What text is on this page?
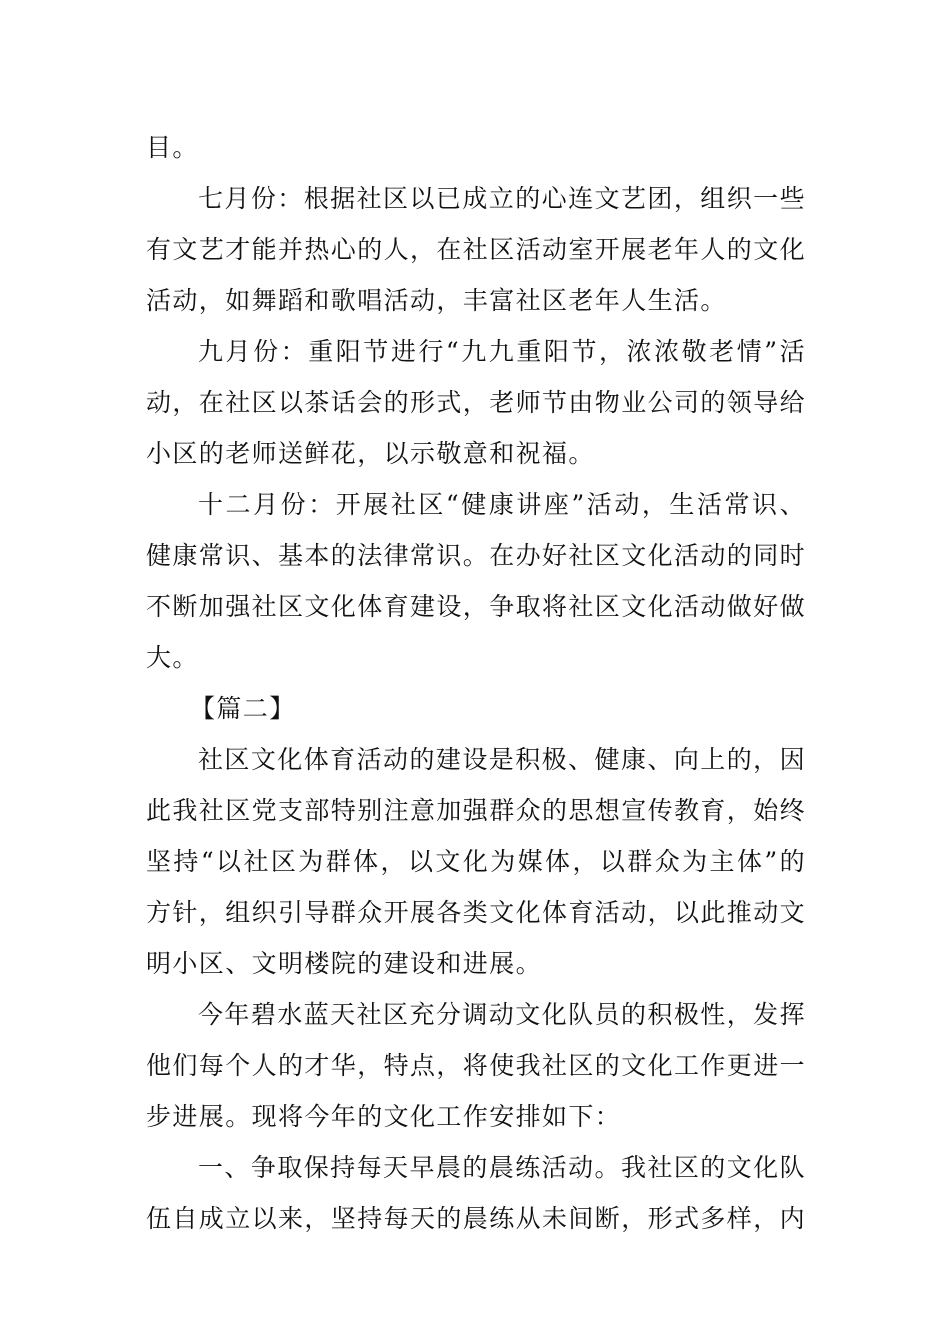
目。

七月份：根据社区以已成立的心连文艺团，组织一些有文艺才能并热心的人，在社区活动室开展老年人的文化活动，如舞蹈和歌唱活动，丰富社区老年人生活。

九月份：重阳节进行“九九重阳节，浓浓敬老情”活动，在社区以茶话会的形式，老师节由物业公司的领导给小区的老师送鲜花，以示敬意和祝福。

十二月份：开展社区“健康讲座”活动，生活常识、健康常识、基本的法律常识。在办好社区文化活动的同时不断加强社区文化体育建设，争取将社区文化活动做好做大。

【篇二】

社区文化体育活动的建设是积极、健康、向上的，因此我社区党支部特别注意加强群众的思想宣传教育，始终坚持“以社区为群体，以文化为媒体，以群众为主体”的方针，组织引导群众开展各类文化体育活动，以此推动文明小区、文明楼院的建设和进展。

今年碧水蓝天社区充分调动文化队员的积极性，发挥他们每个人的才华，特点，将使我社区的文化工作更进一步进展。现将今年的文化工作安排如下：

一、争取保持每天早晨的晨练活动。我社区的文化队伍自成立以来，坚持每天的晨练从未间断，形式多样，内
